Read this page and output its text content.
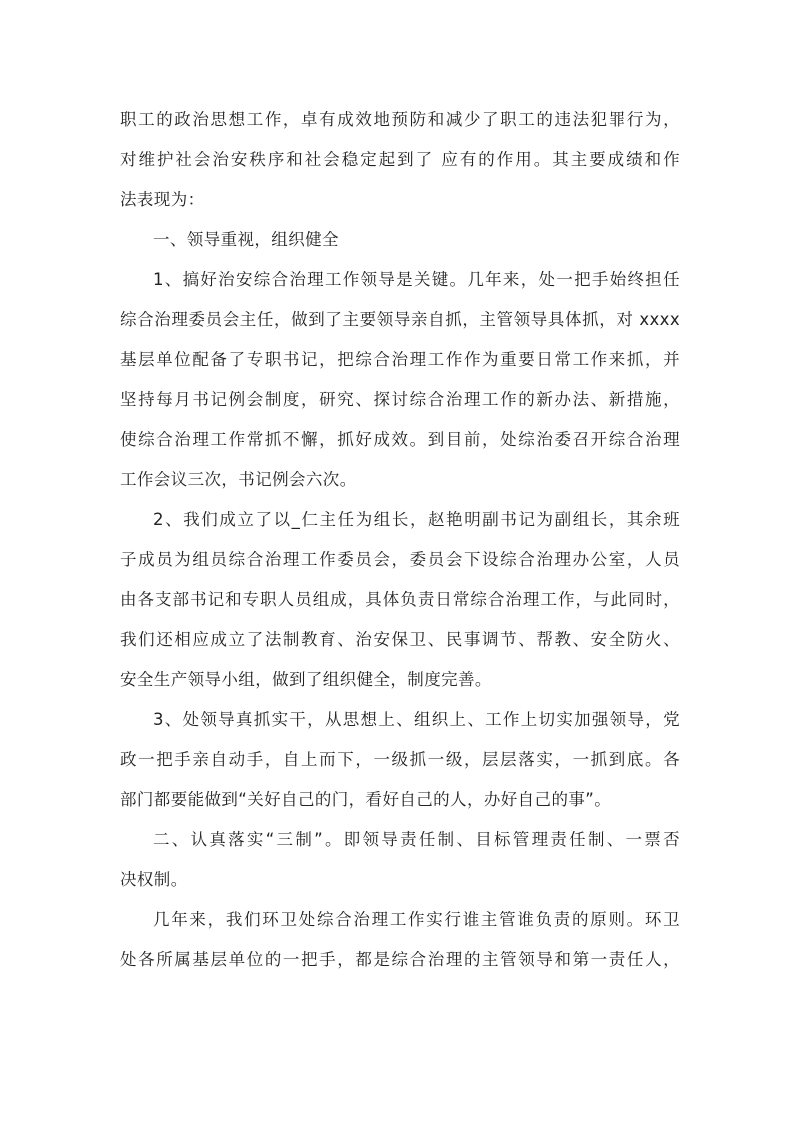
职工的政治思想工作，卓有成效地预防和减少了职工的违法犯罪行为，
对维护社会治安秩序和社会稳定起到了 应有的作用。其主要成绩和作
法表现为：
一、领导重视，组织健全
1、搞好治安综合治理工作领导是关键。几年来，处一把手始终担任
综合治理委员会主任，做到了主要领导亲自抓，主管领导具体抓，对 xxxx
基层单位配备了专职书记，把综合治理工作作为重要日常工作来抓，并
坚持每月书记例会制度，研究、探讨综合治理工作的新办法、新措施，
使综合治理工作常抓不懈，抓好成效。到目前，处综治委召开综合治理
工作会议三次，书记例会六次。
2、我们成立了以_仁主任为组长，赵艳明副书记为副组长，其余班
子成员为组员综合治理工作委员会，委员会下设综合治理办公室，人员
由各支部书记和专职人员组成，具体负责日常综合治理工作，与此同时，
我们还相应成立了法制教育、治安保卫、民事调节、帮教、安全防火、
安全生产领导小组，做到了组织健全，制度完善。
3、处领导真抓实干，从思想上、组织上、工作上切实加强领导，党
政一把手亲自动手，自上而下，一级抓一级，层层落实，一抓到底。各
部门都要能做到“关好自己的门，看好自己的人，办好自己的事”。
二、认真落实“三制”。即领导责任制、目标管理责任制、一票否
决权制。
几年来，我们环卫处综合治理工作实行谁主管谁负责的原则。环卫
处各所属基层单位的一把手，都是综合治理的主管领导和第一责任人，
